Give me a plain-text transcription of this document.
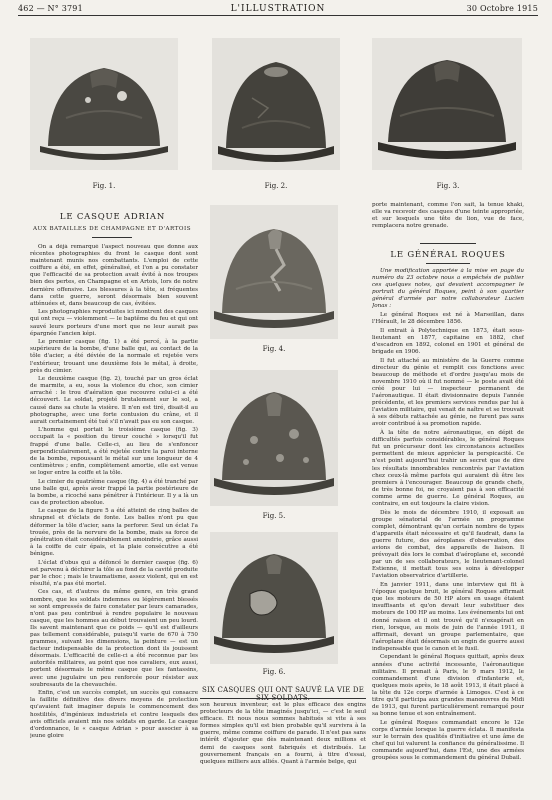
462 — N° 3791	L'ILLUSTRATION	30 Octobre 1915
Fig. 1.	Fig. 2.	Fig. 3.
Fig. 4.
Fig. 5.
Fig. 6.
LE CASQUE ADRIAN
AUX BATAILLES DE CHAMPAGNE ET D'ARTOIS

On a déjà remarqué l'aspect nouveau que donne aux récentes photographies du front le casque dont sont maintenant munis nos combattants. L'emploi de cette coiffure a été, en effet, généralisé, et l'on a pu constater que l'efficacité de sa protection avait évité à nos troupes bien des pertes, en Champagne et en Artois, lors de notre dernière offensive. Les blessures à la tête, si fréquentes dans cette guerre, seront désormais bien souvent atténuées et, dans beaucoup de cas, évitées.

Les photographies reproduites ici montrent des casques qui ont reçu — violemment — le baptême du feu et qui ont sauvé leurs porteurs d'une mort que ne leur aurait pas épargnée l'ancien képi.

Le premier casque (fig. 1) a été percé, à la partie supérieure de la bombe, d'une balle qui, au contact de la tôle d'acier, a été déviée de la normale et rejetée vers l'extérieur, trouant une deuxième fois le métal, à droite, près du cimier.

Le deuxième casque (fig. 2), touché par un gros éclat de marmite, a eu, sous la violence du choc, son cimier arraché : le trou d'aération que recouvre celui-ci a été découvert. Le soldat, projeté brutalement sur le sol, a causé dans sa chute la visière. Il n'en est tiré, disait-il au photographe, avec une forte contusion du crâne, et il aurait certainement été tué s'il n'avait pas eu son casque.

L'homme qui portait le troisième casque (fig. 3) occupait la « position du tireur couché » lorsqu'il fut frappé d'une balle. Celle-ci, au lieu de s'enfoncer perpendiculairement, a été rejetée contre la paroi interne de la bombe, repoussant le métal sur une longueur de 4 centimètres ; enfin, complètement amortie, elle est venue se loger entre la coiffe et la tôle.

Le cimier du quatrième casque (fig. 4) a été tranché par une balle qui, après avoir frappé la partie postérieure de la bombe, a ricoché sans pénétrer à l'intérieur. Il y a là un cas de protection absolue.

Le casque de la figure 5 a été atteint de cinq balles de shrapnel et d'éclats de fonte. Les balles n'ont pu que déformer la tôle d'acier, sans la perforer. Seul un éclat l'a trouée, près de la nervure de la bombe, mais sa force de pénétration était considérablement amoindrie, grâce aussi à la coiffe de cuir épais, et la plaie consécutive a été bénigne.

L'éclat d'obus qui a défoncé le dernier casque (fig. 6) est parvenu à déchirer la tôle au fond de la cavité produite par le choc ; mais le traumatisme, assez violent, qui en est résulté, n'a pas été mortel.

Ces cas, et d'autres du même genre, en très grand nombre, que les soldats indemnes ou légèrement blessés se sont empressés de faire constater par leurs camarades, n'ont pas peu contribué à rendre populaire le nouveau casque, que les hommes au début trouvaient un peu lourd. Ils savent maintenant que ce poids — qu'il est d'ailleurs pas tellement considérable, puisqu'il varie de 670 à 750 grammes, suivant les dimensions, la peinture — est un facteur indispensable de la protection dont ils jouissent désormais. L'efficacité de celle-ci a été reconnue par les autorités militaires, au point que nos cavaliers, eux aussi, portent désormais le même casque que les fantassins, avec une jugulaire un peu renforcée pour résister aux soubresauts de la chevauchée.

Enfin, c'est un succès complet, un succès qui consacre la faillite définitive des divers moyens de protection qu'avaient fait imaginer depuis le commencement des hostilités, d'ingénieux industriels et contre lesquels des avis officiels avaient mis nos soldats en garde. Le casque d'ordonnance, le « casque Adrian » pour associer à sa jeune gloire

SIX CASQUES QUI ONT SAUVÉ LA VIE DE SIX SOLDATS.

son heureux inventeur, est le plus efficace des engins protecteurs de la tête imaginés jusqu'ici, — c'est le seul efficace. Et nous nous sommes habitués si vite à ses formes simples qu'il est bien probable qu'il survivra à la guerre, même comme coiffure de parade. Il n'est pas sans intérêt d'ajouter que dès maintenant deux millions et demi de casques sont fabriqués et distribués. Le gouvernement français en a fourni, à titre d'essai, quelques milliers aux alliés. Quant à l'armée belge, qui

porte maintenant, comme l'on sait, la tenue khaki, elle va recevoir des casques d'une teinte appropriée, et sur lesquels une tête de lion, vue de face, remplacera notre grenade.

LE GÉNÉRAL ROQUES

Une modification apportée à la mise en page du numéro du 23 octobre nous a empêchés de publier ces quelques notes, qui devaient accompagner le portrait du général Roques, peint à son quartier général d'armée par notre collaborateur Lucien Jonas :

Le général Roques est né à Marseillan, dans l'Hérault, le 28 décembre 1856.

Il entrait à Polytechnique en 1873, était sous-lieutenant en 1877, capitaine en 1882, chef d'escadron en 1892, colonel en 1901 et général de brigade en 1906.

Il fut attaché au ministère de la Guerre comme directeur du génie et remplit ces fonctions avec beaucoup de méthode et d'ordre jusqu'au mois de novembre 1910 où il fut nommé — le poste avait été créé pour lui — inspecteur permanent de l'aéronautique. Il était divisionnaire depuis l'année précédente, et les premiers services rendus par lui à l'aviation militaire, qui venait de naître et se trouvait à ses débuts rattachée au génie, ne furent pas sans avoir contribué à sa promotion rapide.

À la tête de notre aéronautique, en dépit de difficultés parfois considérables, le général Roques fut un précurseur dont les circonstances actuelles permettent de mieux apprécier la perspicacité. Ce n'est point aujourd'hui trahir un secret que de dire les résultats innombrables rencontrés par l'aviation chez ceux-là même parfois qui auraient dû être les premiers à l'encourager. Beaucoup de grands chefs, de très bonne foi, ne croyaient pas à son efficacité comme arme de guerre. Le général Roques, au contraire, en eut toujours la claire vision.

Dès le mois de décembre 1910, il exposait au groupe sénatorial de l'armée un programme complet, démontrant qu'un certain nombre de types d'appareils était nécessaire et qu'il faudrait, dans la guerre future, des aéroplanes d'observation, des avions de combat, des appareils de liaison. Il prévoyait dès lors le combat d'aéroplane et, secondé par un de ses collaborateurs, le lieutenant-colonel Estienne, il mettait tous ses soins à développer l'aviation observatrice d'artillerie.

En janvier 1911, dans une interview qui fit à l'époque quelque bruit, le général Roques affirmait que les moteurs de 50 HP alors en usage étaient insuffisants et qu'on devait leur substituer des moteurs de 100 HP au moins. Les événements lui ont donné raison et il ont trouvé qu'il n'exagérait en rien, lorsque, au mois de juin de l'année 1911, il affirmait, devant un groupe parlementaire, que l'aéroplane était désormais un engin de guerre aussi indispensable que le canon et le fusil.

Cependant le général Roques quittait, après deux années d'une activité incessante, l'aéronautique militaire. Il prenait à Paris, le 9 mars 1912, le commandement d'une division d'infanterie et, quelques mois après, le 18 août 1913, il était placé à la tête du 12e corps d'armée à Limoges. C'est à ce titre qu'il participa aux grandes manœuvres du Midi de 1913, qui furent particulièrement remarqué pour sa bonne tenue et son entraînement.

Le général Roques commandait encore le 12e corps d'armée lorsque la guerre éclata. Il manifesta sur le terrain des qualités d'initiative et une âme de chef qui lui valurent la confiance du généralissime. Il commande aujourd'hui, dans l'Est, une des armées groupées sous le commandement du général Dubail.
